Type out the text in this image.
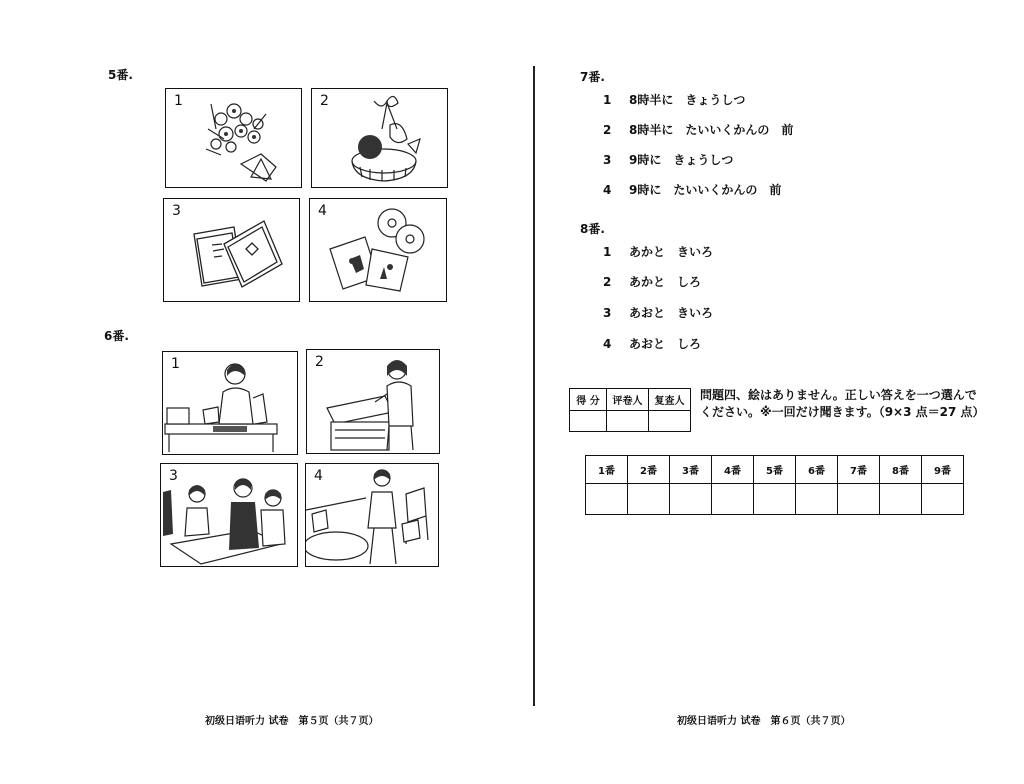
5番.
1	2
3	4
6番.
1	2
3	4
初级日语听力 试卷　第５页（共７页）
7番.
1 8時半に　きょうしつ
2 8時半に　たいいくかんの　前
3 9時に　きょうしつ
4 9時に　たいいくかんの　前
8番.
1 あかと　きいろ
2 あかと　しろ
3 あおと　きいろ
4 あおと　しろ
得 分	评卷人	复查人
		問題四、絵はありません。正しい答えを一つ選んで
ください。※一回だけ聞きます。（9×3 点＝27 点）
1番	2番	3番	4番	5番	6番	7番	8番	9番

初级日语听力 试卷　第６页（共７页）
